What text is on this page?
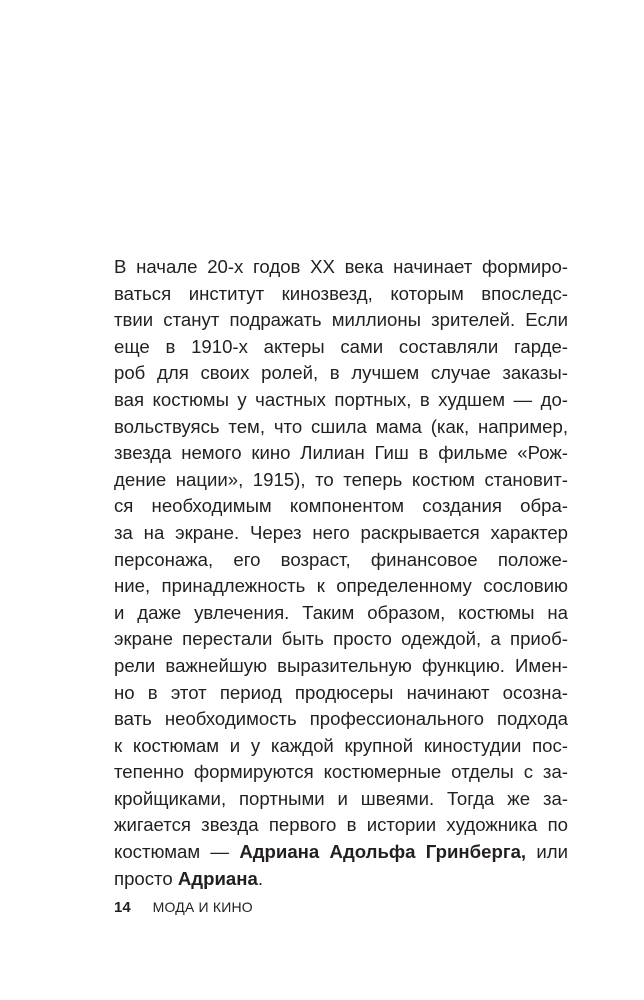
В начале 20-х годов XX века начинает формиро-
ваться институт кинозвезд, которым впоследс-
твии станут подражать миллионы зрителей. Если
еще в 1910-х актеры сами составляли гарде-
роб для своих ролей, в лучшем случае заказы-
вая костюмы у частных портных, в худшем — до-
вольствуясь тем, что сшила мама (как, например,
звезда немого кино Лилиан Гиш в фильме «Рож-
дение нации», 1915), то теперь костюм становит-
ся необходимым компонентом создания обра-
за на экране. Через него раскрывается характер
персонажа, его возраст, финансовое положе-
ние, принадлежность к определенному сословию
и даже увлечения. Таким образом, костюмы на
экране перестали быть просто одеждой, а приоб-
рели важнейшую выразительную функцию. Имен-
но в этот период продюсеры начинают осозна-
вать необходимость профессионального подхода
к костюмам и у каждой крупной киностудии пос-
тепенно формируются костюмерные отделы с за-
кройщиками, портными и швеями. Тогда же за-
жигается звезда первого в истории художника по
костюмам — Адриана Адольфа Гринберга, или
просто Адриана.
14 МОДА И КИНО
